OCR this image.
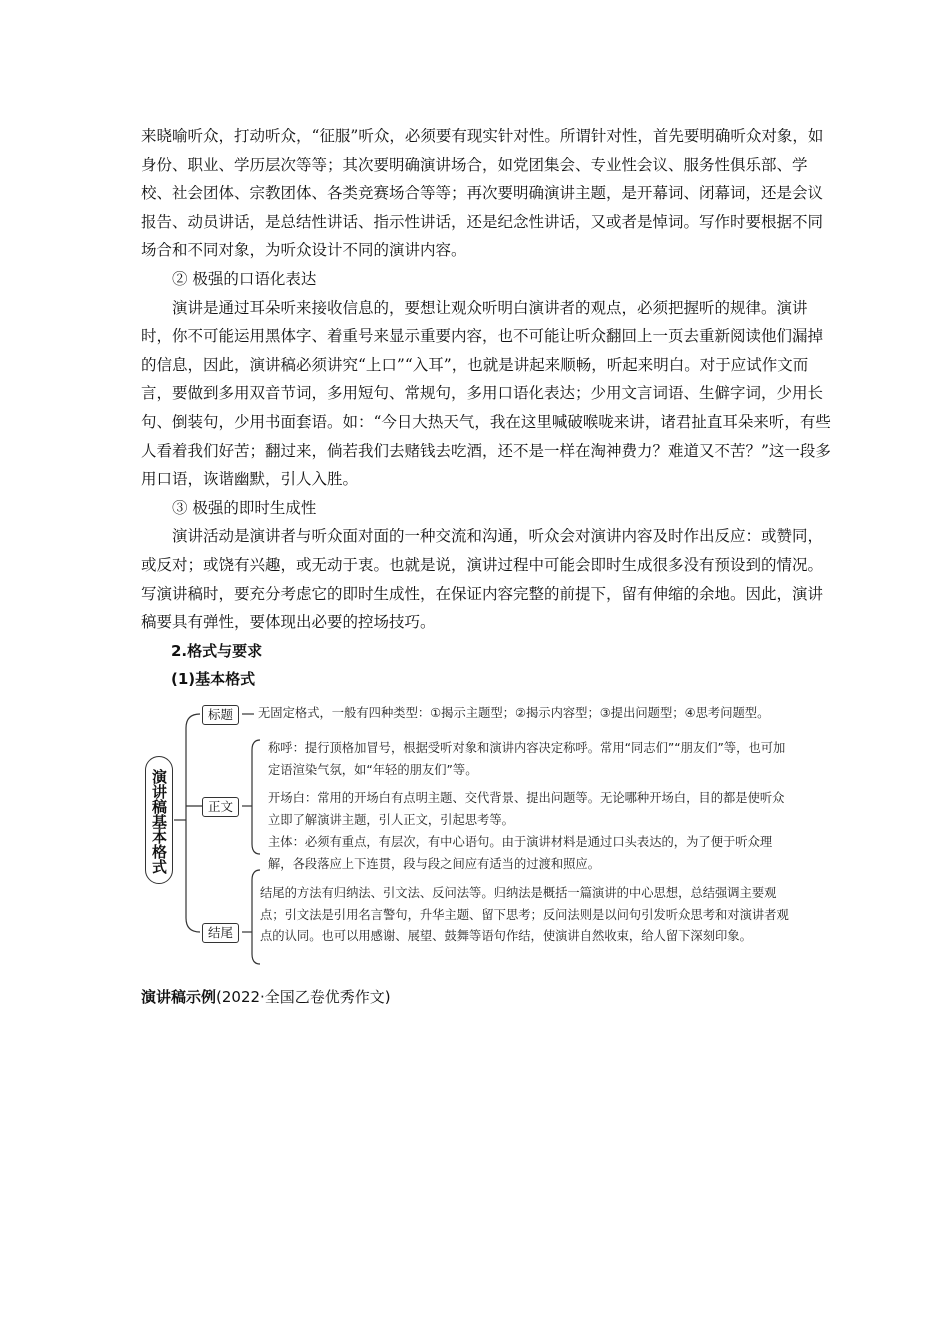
来晓喻听众，打动听众，“征服”听众，必须要有现实针对性。所谓针对性，首先要明确听众对象，如身份、职业、学历层次等等；其次要明确演讲场合，如党团集会、专业性会议、服务性俱乐部、学校、社会团体、宗教团体、各类竞赛场合等等；再次要明确演讲主题，是开幕词、闭幕词，还是会议报告、动员讲话，是总结性讲话、指示性讲话，还是纪念性讲话，又或者是悼词。写作时要根据不同场合和不同对象，为听众设计不同的演讲内容。

② 极强的口语化表达

演讲是通过耳朵听来接收信息的，要想让观众听明白演讲者的观点，必须把握听的规律。演讲时，你不可能运用黑体字、着重号来显示重要内容，也不可能让听众翻回上一页去重新阅读他们漏掉的信息，因此，演讲稿必须讲究“上口”“入耳”，也就是讲起来顺畅，听起来明白。对于应试作文而言，要做到多用双音节词，多用短句、常规句，多用口语化表达；少用文言词语、生僻字词，少用长句、倒装句，少用书面套语。如：“今日大热天气，我在这里喊破喉咙来讲，诸君扯直耳朵来听，有些人看着我们好苦；翻过来，倘若我们去赌钱去吃酒，还不是一样在淘神费力？难道又不苦？”这一段多用口语，诙谐幽默，引人入胜。

③ 极强的即时生成性

演讲活动是演讲者与听众面对面的一种交流和沟通，听众会对演讲内容及时作出反应：或赞同，或反对；或饶有兴趣，或无动于衷。也就是说，演讲过程中可能会即时生成很多没有预设到的情况。写演讲稿时，要充分考虑它的即时生成性，在保证内容完整的前提下，留有伸缩的余地。因此，演讲稿要具有弹性，要体现出必要的控场技巧。

2.格式与要求

(1)基本格式

演讲稿基本格式
标题	无固定格式，一般有四种类型：①揭示主题型；②揭示内容型；③提出问题型；④思考问题型。
正文
称呼：提行顶格加冒号，根据受听对象和演讲内容决定称呼。常用“同志们”“朋友们”等，也可加定语渲染气氛，如“年轻的朋友们”等。
开场白：常用的开场白有点明主题、交代背景、提出问题等。无论哪种开场白，目的都是使听众立即了解演讲主题，引人正文，引起思考等。
主体：必须有重点，有层次，有中心语句。由于演讲材料是通过口头表达的，为了便于听众理解，各段落应上下连贯，段与段之间应有适当的过渡和照应。
结尾
结尾的方法有归纳法、引文法、反问法等。归纳法是概括一篇演讲的中心思想，总结强调主要观点；引文法是引用名言警句，升华主题、留下思考；反问法则是以问句引发听众思考和对演讲者观点的认同。也可以用感谢、展望、鼓舞等语句作结，使演讲自然收束，给人留下深刻印象。
演讲稿示例(2022·全国乙卷优秀作文)
